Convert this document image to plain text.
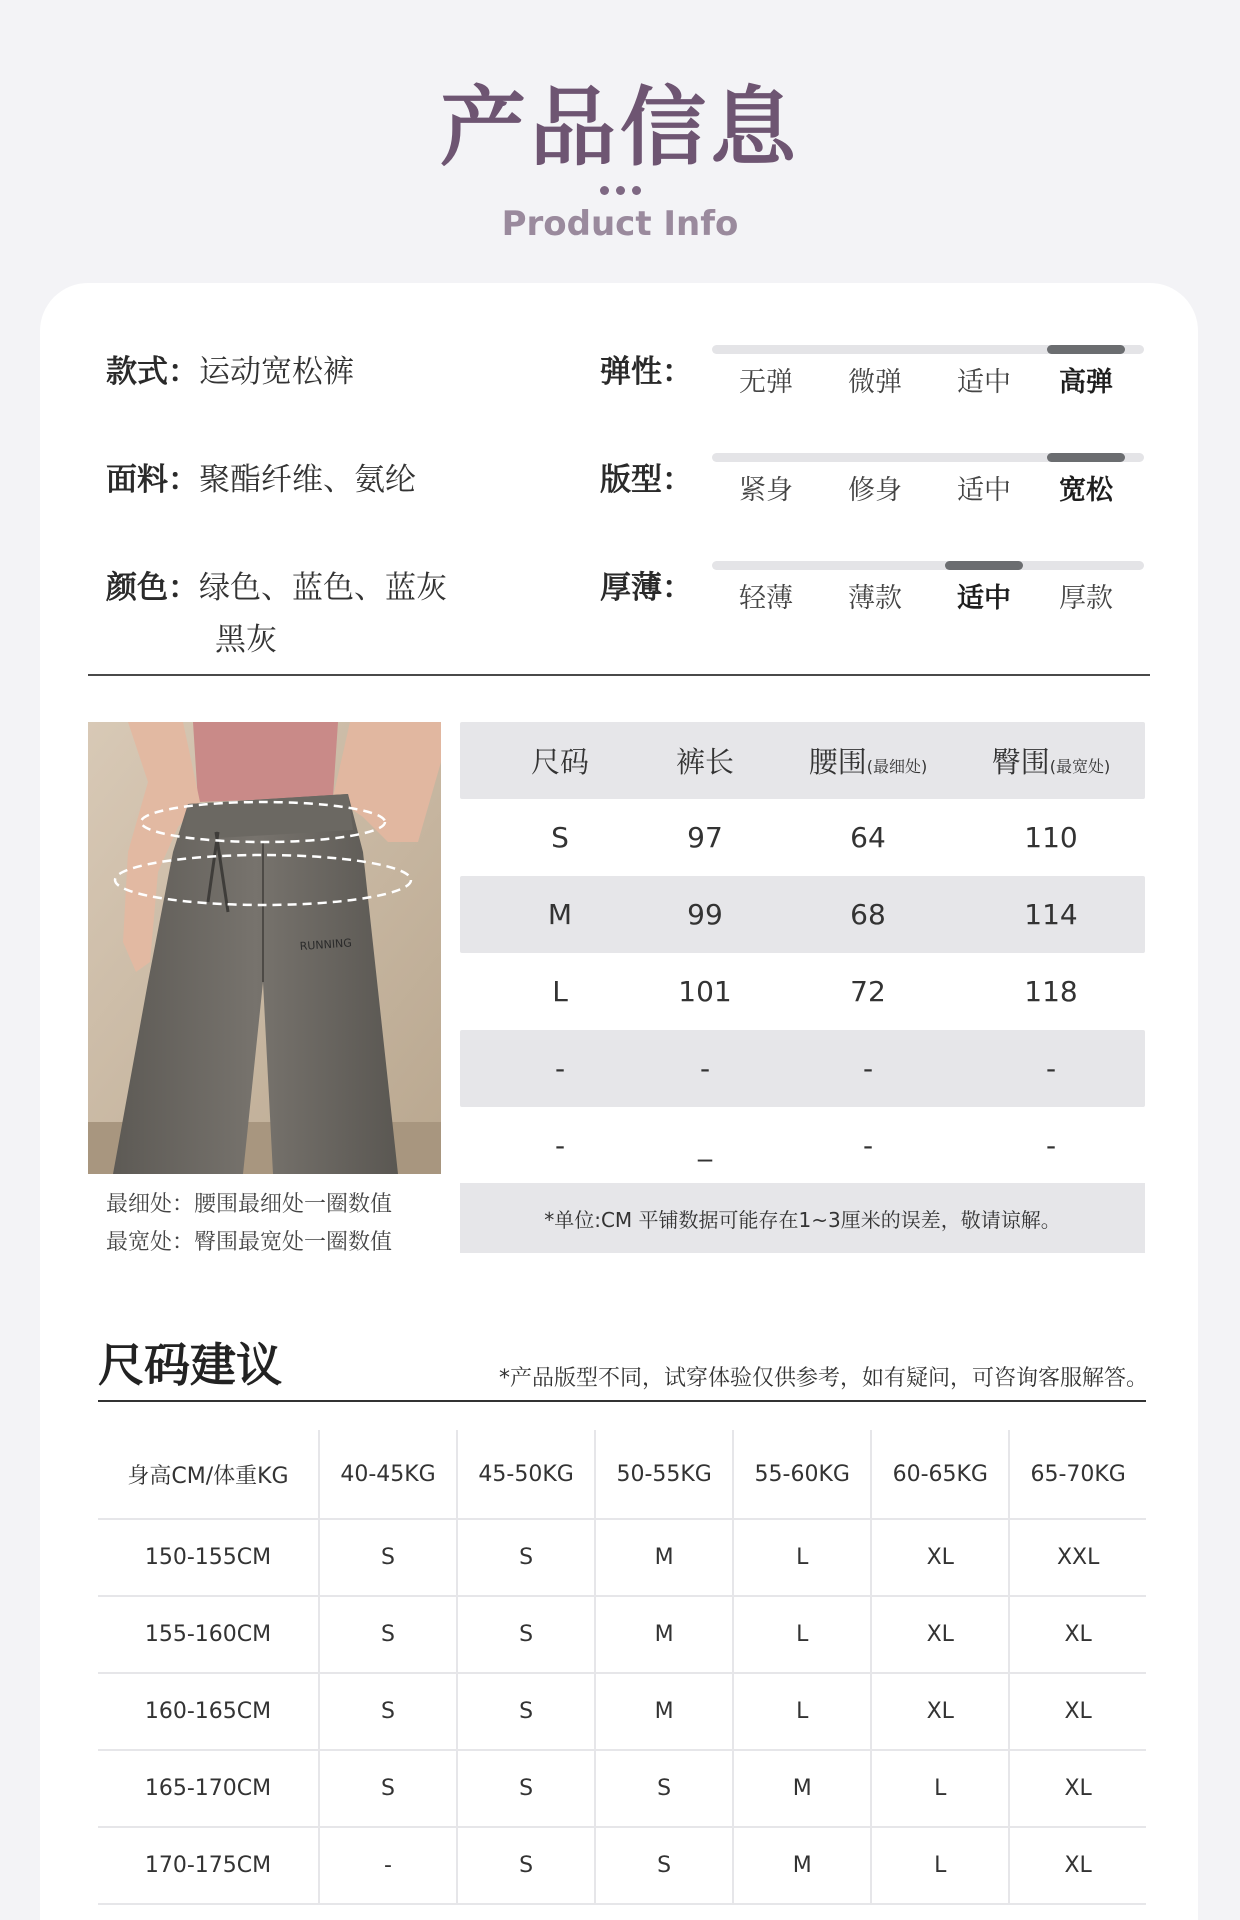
产品信息
Product Info
款式：运动宽松裤
面料：聚酯纤维、氨纶
颜色：绿色、蓝色、蓝灰
黑灰
弹性：	无弹	微弹	适中	高弹
版型：	紧身	修身	适中	宽松
厚薄：	轻薄	薄款	适中	厚款
RUNNING
最细处：腰围最细处一圈数值
最宽处：臀围最宽处一圈数值
尺码	裤长	腰围(最细处)	臀围(最宽处)
S	97	64	110
M	99	68	114
L	101	72	118
-	-	-	-
-	_	-	-
*单位:CM 平铺数据可能存在1~3厘米的误差，敬请谅解。
尺码建议	*产品版型不同，试穿体验仅供参考，如有疑问，可咨询客服解答。
身高CM/体重KG	40-45KG	45-50KG	50-55KG	55-60KG	60-65KG	65-70KG
150-155CM	S	S	M	L	XL	XXL
155-160CM	S	S	M	L	XL	XL
160-165CM	S	S	M	L	XL	XL
165-170CM	S	S	S	M	L	XL
170-175CM	-	S	S	M	L	XL
